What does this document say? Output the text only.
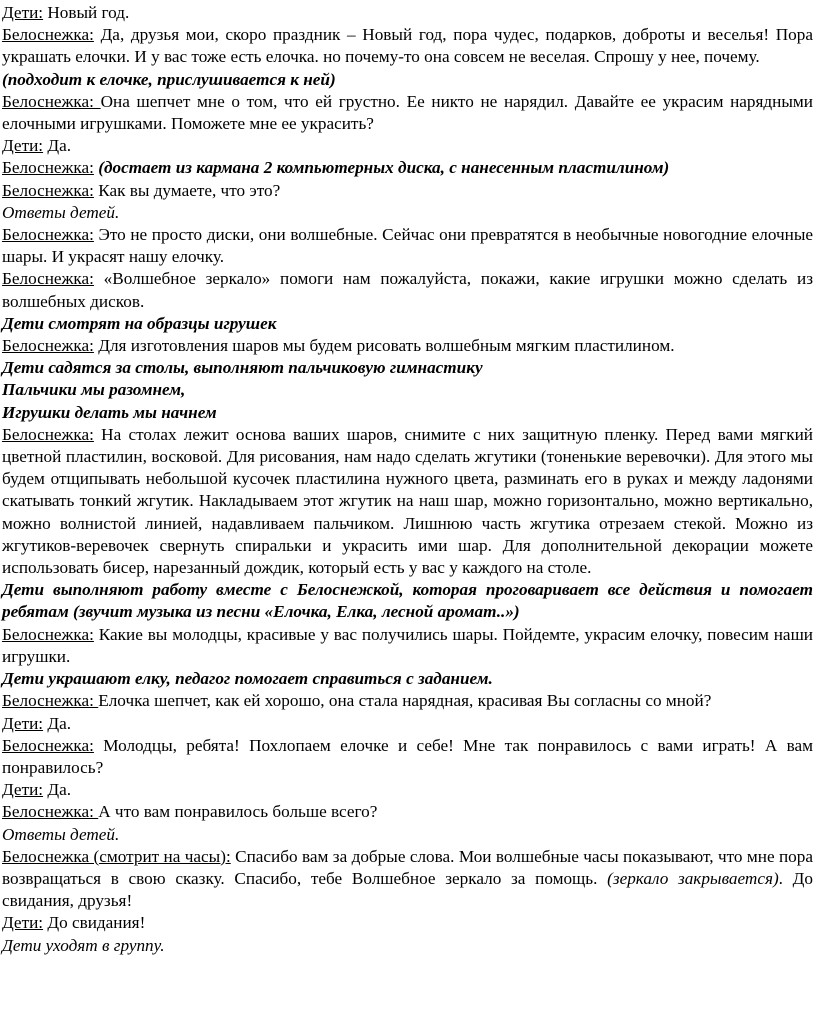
Дети: Новый год.

Белоснежка: Да, друзья мои, скоро праздник – Новый год, пора чудес, подарков, доброты и веселья! Пора украшать елочки. И у вас тоже есть елочка. но почему-то она совсем не веселая. Спрошу у нее, почему.

(подходит к елочке, прислушивается к ней)

Белоснежка: Она шепчет мне о том, что ей грустно. Ее никто не нарядил. Давайте ее украсим нарядными елочными игрушками. Поможете мне ее украсить?

Дети: Да.

Белоснежка: (достает из кармана 2 компьютерных диска, с нанесенным пластилином)

Белоснежка: Как вы думаете, что это?

Ответы детей.

Белоснежка: Это не просто диски, они волшебные. Сейчас они превратятся в необычные новогодние елочные шары. И украсят нашу елочку.

Белоснежка: «Волшебное зеркало» помоги нам пожалуйста, покажи, какие игрушки можно сделать из волшебных дисков.

Дети смотрят на образцы игрушек

Белоснежка: Для изготовления шаров мы будем рисовать волшебным мягким пластилином.

Дети садятся за столы, выполняют пальчиковую гимнастику

Пальчики мы разомнем,

Игрушки делать мы начнем

Белоснежка: На столах лежит основа ваших шаров, снимите с них защитную пленку. Перед вами мягкий цветной пластилин, восковой. Для рисования, нам надо сделать жгутики (тоненькие веревочки). Для этого мы будем отщипывать небольшой кусочек пластилина нужного цвета, разминать его в руках и между ладонями скатывать тонкий жгутик. Накладываем этот жгутик на наш шар, можно горизонтально, можно вертикально, можно волнистой линией, надавливаем пальчиком. Лишнюю часть жгутика отрезаем стекой. Можно из жгутиков-веревочек свернуть спиральки и украсить ими шар. Для дополнительной декорации можете использовать бисер, нарезанный дождик, который есть у вас у каждого на столе.

Дети выполняют работу вместе с Белоснежкой, которая проговаривает все действия и помогает ребятам (звучит музыка из песни «Елочка, Елка, лесной аромат..»)

Белоснежка: Какие вы молодцы, красивые у вас получились шары. Пойдемте, украсим елочку, повесим наши игрушки.

Дети украшают елку, педагог помогает справиться с заданием.

Белоснежка: Елочка шепчет, как ей хорошо, она стала нарядная, красивая Вы согласны со мной?

Дети: Да.

Белоснежка: Молодцы, ребята! Похлопаем елочке и себе! Мне так понравилось с вами играть! А вам понравилось?

Дети: Да.

Белоснежка: А что вам понравилось больше всего?

Ответы детей.

Белоснежка (смотрит на часы): Спасибо вам за добрые слова. Мои волшебные часы показывают, что мне пора возвращаться в свою сказку. Спасибо, тебе Волшебное зеркало за помощь. (зеркало закрывается). До свидания, друзья!

Дети: До свидания!

Дети уходят в группу.
